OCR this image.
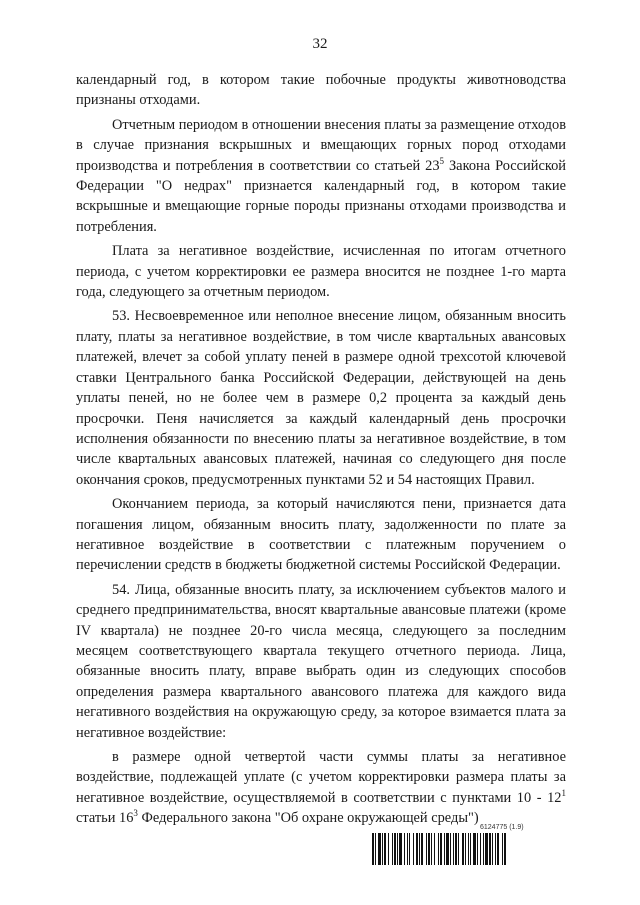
32

календарный год, в котором такие побочные продукты животноводства признаны отходами.

Отчетным периодом в отношении внесения платы за размещение отходов в случае признания вскрышных и вмещающих горных пород отходами производства и потребления в соответствии со статьей $23^5$ Закона Российской Федерации "О недрах" признается календарный год, в котором такие вскрышные и вмещающие горные породы признаны отходами производства и потребления.

Плата за негативное воздействие, исчисленная по итогам отчетного периода, с учетом корректировки ее размера вносится не позднее 1-го марта года, следующего за отчетным периодом.

53. Несвоевременное или неполное внесение лицом, обязанным вносить плату, платы за негативное воздействие, в том числе квартальных авансовых платежей, влечет за собой уплату пеней в размере одной трехсотой ключевой ставки Центрального банка Российской Федерации, действующей на день уплаты пеней, но не более чем в размере 0,2 процента за каждый день просрочки. Пеня начисляется за каждый календарный день просрочки исполнения обязанности по внесению платы за негативное воздействие, в том числе квартальных авансовых платежей, начиная со следующего дня после окончания сроков, предусмотренных пунктами 52 и 54 настоящих Правил.

Окончанием периода, за который начисляются пени, признается дата погашения лицом, обязанным вносить плату, задолженности по плате за негативное воздействие в соответствии с платежным поручением о перечислении средств в бюджеты бюджетной системы Российской Федерации.

54. Лица, обязанные вносить плату, за исключением субъектов малого и среднего предпринимательства, вносят квартальные авансовые платежи (кроме IV квартала) не позднее 20-го числа месяца, следующего за последним месяцем соответствующего квартала текущего отчетного периода. Лица, обязанные вносить плату, вправе выбрать один из следующих способов определения размера квартального авансового платежа для каждого вида негативного воздействия на окружающую среду, за которое взимается плата за негативное воздействие:

в размере одной четвертой части суммы платы за негативное воздействие, подлежащей уплате (с учетом корректировки размера платы за негативное воздействие, осуществляемой в соответствии с пунктами $10 - 12^1$ статьи $16^3$ Федерального закона "Об охране окружающей среды")

6124775 (1.9)
